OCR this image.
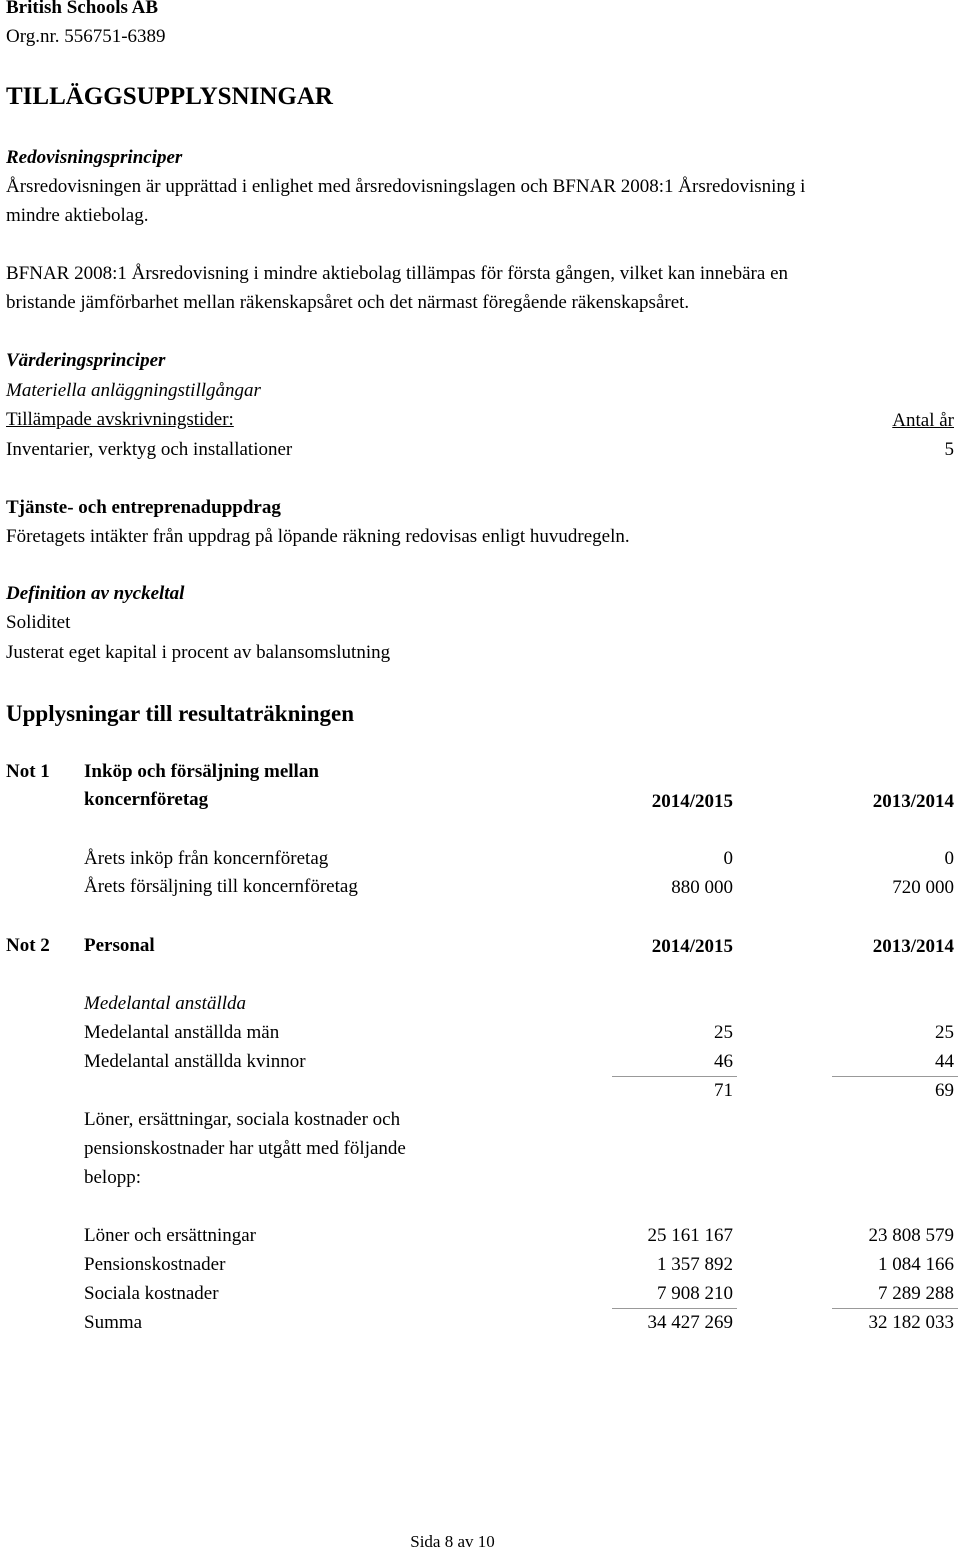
British Schools AB
Org.nr. 556751-6389
TILLÄGGSUPPLYSNINGAR
Redovisningsprinciper
Årsredovisningen är upprättad i enlighet med årsredovisningslagen och BFNAR 2008:1 Årsredovisning i
mindre aktiebolag.
BFNAR 2008:1 Årsredovisning i mindre aktiebolag tillämpas för första gången, vilket kan innebära en
bristande jämförbarhet mellan räkenskapsåret och det närmast föregående räkenskapsåret.
Värderingsprinciper
Materiella anläggningstillgångar
Tillämpade avskrivningstider:	Antal år
Inventarier, verktyg och installationer	5
Tjänste- och entreprenaduppdrag
Företagets intäkter från uppdrag på löpande räkning redovisas enligt huvudregeln.
Definition av nyckeltal
Soliditet
Justerat eget kapital i procent av balansomslutning
Upplysningar till resultaträkningen
Not 1 Inköp och försäljning mellan
koncernföretag	2014/2015	2013/2014
Årets inköp från koncernföretag	0	0
Årets försäljning till koncernföretag	880 000	720 000
Not 2 Personal	2014/2015	2013/2014
Medelantal anställda
Medelantal anställda män	25	25
Medelantal anställda kvinnor	46	44
71	69
Löner, ersättningar, sociala kostnader och
pensionskostnader har utgått med följande
belopp:
Löner och ersättningar	25 161 167	23 808 579
Pensionskostnader	1 357 892	1 084 166
Sociala kostnader	7 908 210	7 289 288
Summa	34 427 269	32 182 033
Sida 8 av 10
